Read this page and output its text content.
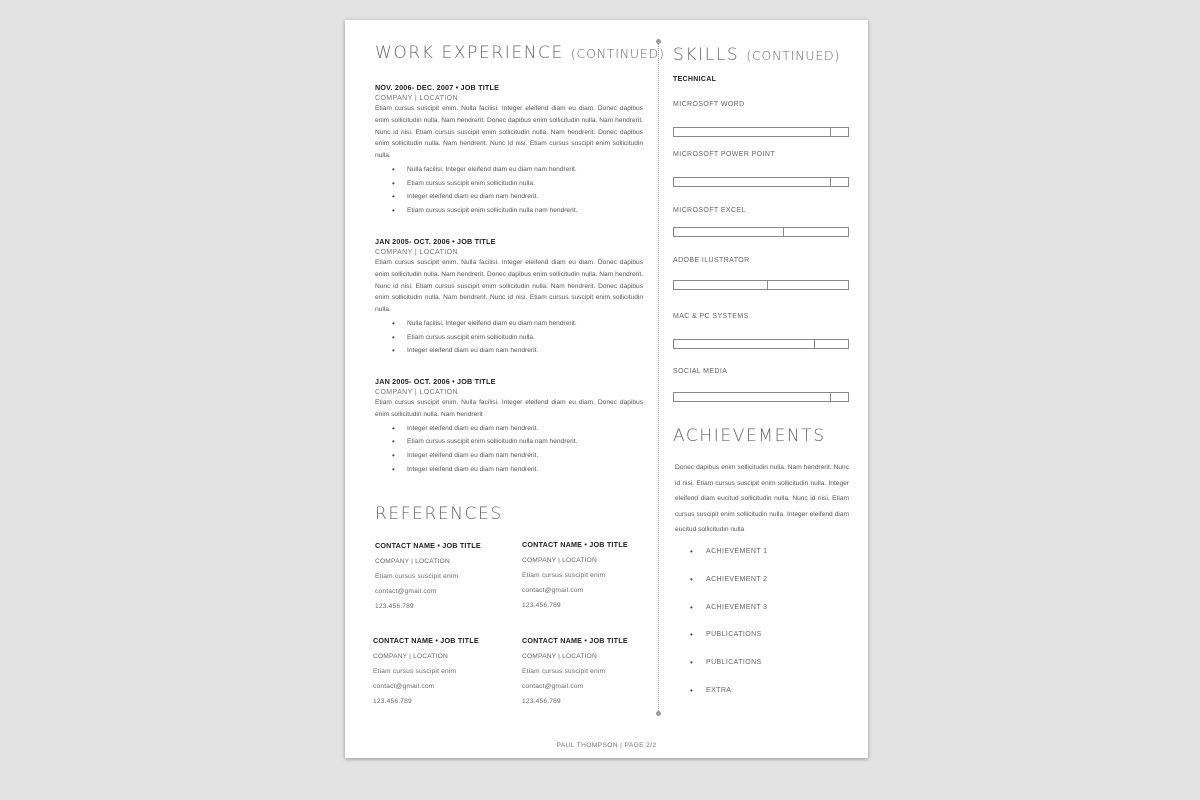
WORK EXPERIENCE (CONTINUED)
NOV. 2006- DEC. 2007 • JOB TITLE
COMPANY | LOCATION
Etiam cursus suscipit enim. Nulla facilisi. Integer eleifend diam eu diam. Donec dapibus enim sollicitudin nulla. Nam hendrerit. Donec dapibus enim sollicitudin nulla. Nam hendrerit. Nunc id nisi. Etiam cursus suscipit enim sollicitudin nulla. Nam hendrerit. Donec dapibus enim sollicitudin nulla. Nam hendrerit. Nunc id nisi. Etiam cursus suscipit enim sollicitudin nulla.
• Nulla facilisi. Integer eleifend diam eu diam nam hendrerit.
• Etiam cursus suscipit enim sollicitudin nulla.
• Integer eleifend diam eu diam nam hendrerit.
• Etiam cursus suscipit enim sollicitudin nulla nam hendrerit.
JAN 2005- OCT. 2006 • JOB TITLE
COMPANY | LOCATION
Etiam cursus suscipit enim. Nulla facilisi. Integer eleifend diam eu diam. Donec dapibus enim sollicitudin nulla. Nam hendrerit. Donec dapibus enim sollicitudin nulla. Nam hendrerit. Nunc id nisi. Etiam cursus suscipit enim sollicitudin nulla. Nam hendrerit. Donec dapibus enim sollicitudin nulla. Nam hendrerit. Nunc id nisi. Etiam cursus suscipit enim sollicitudin nulla.
• Nulla facilisi. Integer eleifend diam eu diam nam hendrerit.
• Etiam cursus suscipit enim sollicitudin nulla.
• Integer eleifend diam eu diam nam hendrerit.
JAN 2005- OCT. 2006 • JOB TITLE
COMPANY | LOCATION
Etiam cursus suscipit enim. Nulla facilisi. Integer eleifend diam eu diam. Donec dapibus enim sollicitudin nulla. Nam hendrerit
• Integer eleifend diam eu diam nam hendrerit.
• Etiam cursus suscipit enim sollicitudin nulla nam hendrerit.
• Integer eleifend diam eu diam nam hendrerit.
• Integer eleifend diam eu diam nam hendrerit.
REFERENCES
CONTACT NAME • JOB TITLE
COMPANY | LOCATION
Etiam cursus suscipit enim
contact@gmail.com
123.456.789
CONTACT NAME • JOB TITLE
COMPANY | LOCATION
Etiam cursus suscipit enim
contact@gmail.com
123.456.789
CONTACT NAME • JOB TITLE
COMPANY | LOCATION
Etiam cursus suscipit enim
contact@gmail.com
123.456.789
CONTACT NAME • JOB TITLE
COMPANY | LOCATION
Etiam cursus suscipit enim
contact@gmail.com
123.456.789
SKILLS (CONTINUED)
TECHNICAL
MICROSOFT WORD
MICROSOFT POWER POINT
MICROSOFT EXCEL
ADOBE ILUSTRATOR
MAC & PC SYSTEMS
SOCIAL MEDIA
ACHIEVEMENTS
Donec dapibus enim sollicitudin nulla. Nam hendrerit. Nunc id nisi. Etiam cursus suscipit enim sollicitudin nulla. Integer eleifend diam eucitud sollicitudin nulla. Nunc id nisi. Etiam cursus suscipit enim sollicitudin nulla. Integer eleifend diam eucitud sollicitudin nulla
• ACHIEVEMENT 1
• ACHIEVEMENT 2
• ACHIEVEMENT 3
• PUBLICATIONS
• PUBLICATIONS
• EXTRA
PAUL THOMPSON | PAGE 2/2
